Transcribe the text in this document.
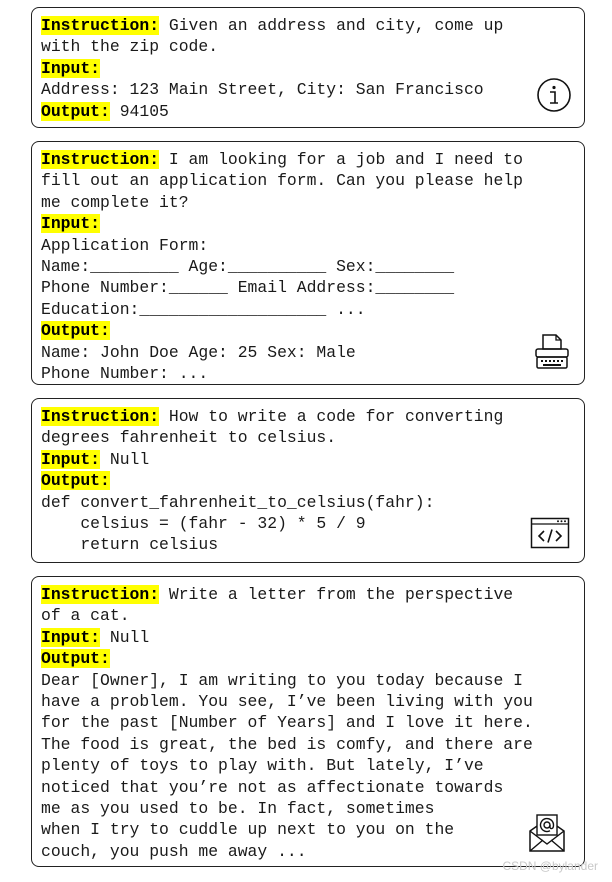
Instruction: Given an address and city, come up
with the zip code.
Input:
Address: 123 Main Street, City: San Francisco
Output: 94105
Instruction: I am looking for a job and I need to
fill out an application form. Can you please help
me complete it?
Input:
Application Form:
Name:_________ Age:__________ Sex:________
Phone Number:______ Email Address:________
Education:___________________ ...
Output:
Name: John Doe Age: 25 Sex: Male
Phone Number: ...
Instruction: How to write a code for converting
degrees fahrenheit to celsius.
Input: Null
Output:
def convert_fahrenheit_to_celsius(fahr):
celsius = (fahr - 32) * 5 / 9
return celsius
Instruction: Write a letter from the perspective
of a cat.
Input: Null
Output:
Dear [Owner], I am writing to you today because I
have a problem. You see, I’ve been living with you
for the past [Number of Years] and I love it here.
The food is great, the bed is comfy, and there are
plenty of toys to play with. But lately, I’ve
noticed that you’re not as affectionate towards
me as you used to be. In fact, sometimes
when I try to cuddle up next to you on the
couch, you push me away ...
CSDN @bylander
